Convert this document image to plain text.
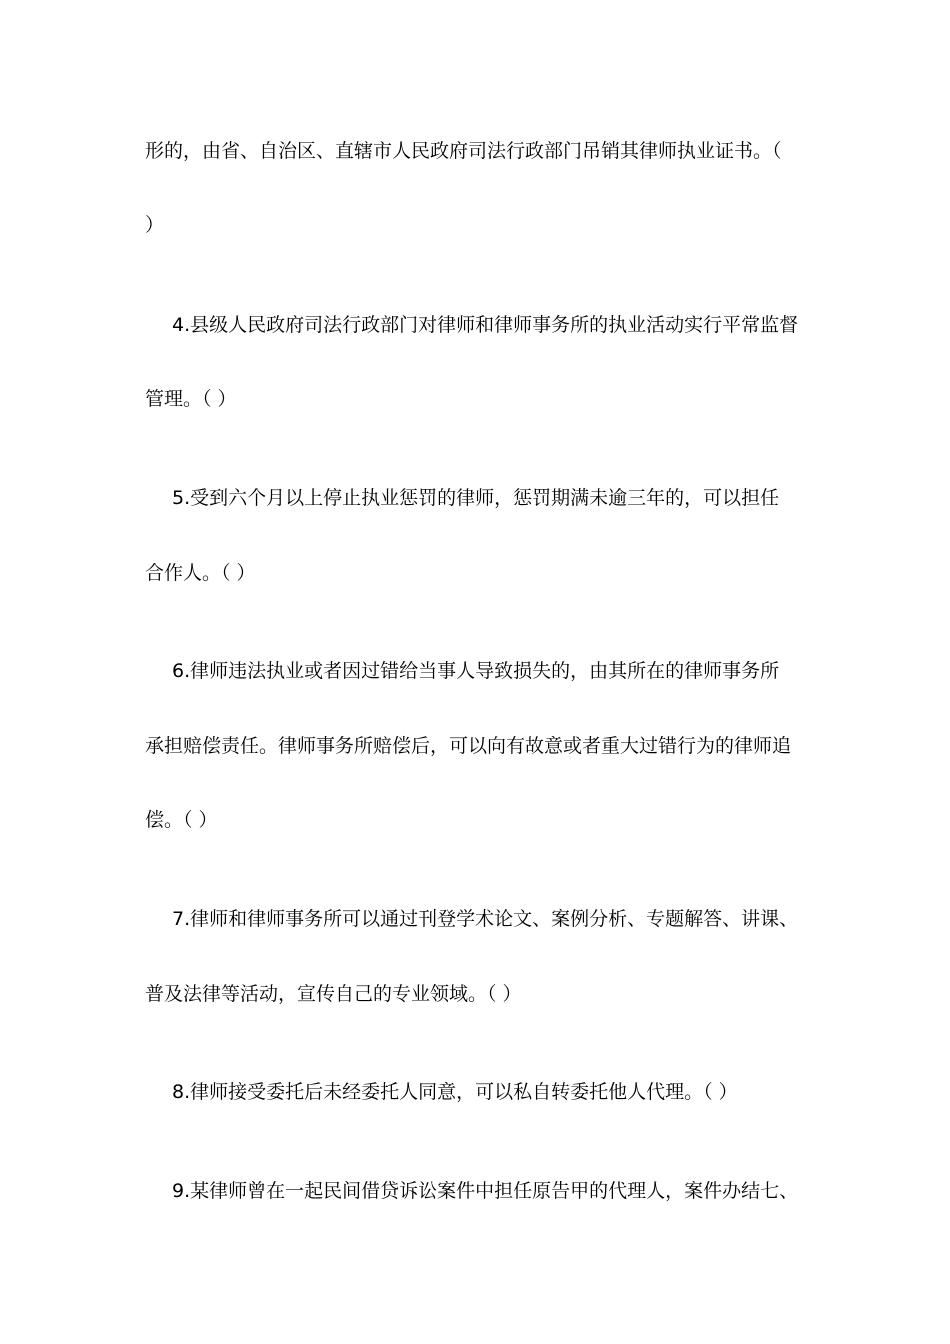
形的，由省、自治区、直辖市人民政府司法行政部门吊销其律师执业证书。（
）
4.县级人民政府司法行政部门对律师和律师事务所的执业活动实行平常监督
管理。（ ）
5.受到六个月以上停止执业惩罚的律师，惩罚期满未逾三年的，可以担任
合作人。（ ）
6.律师违法执业或者因过错给当事人导致损失的，由其所在的律师事务所
承担赔偿责任。律师事务所赔偿后，可以向有故意或者重大过错行为的律师追
偿。（ ）
7.律师和律师事务所可以通过刊登学术论文、案例分析、专题解答、讲课、
普及法律等活动，宣传自己的专业领域。（ ）
8.律师接受委托后未经委托人同意，可以私自转委托他人代理。（ ）
9.某律师曾在一起民间借贷诉讼案件中担任原告甲的代理人，案件办结七、
